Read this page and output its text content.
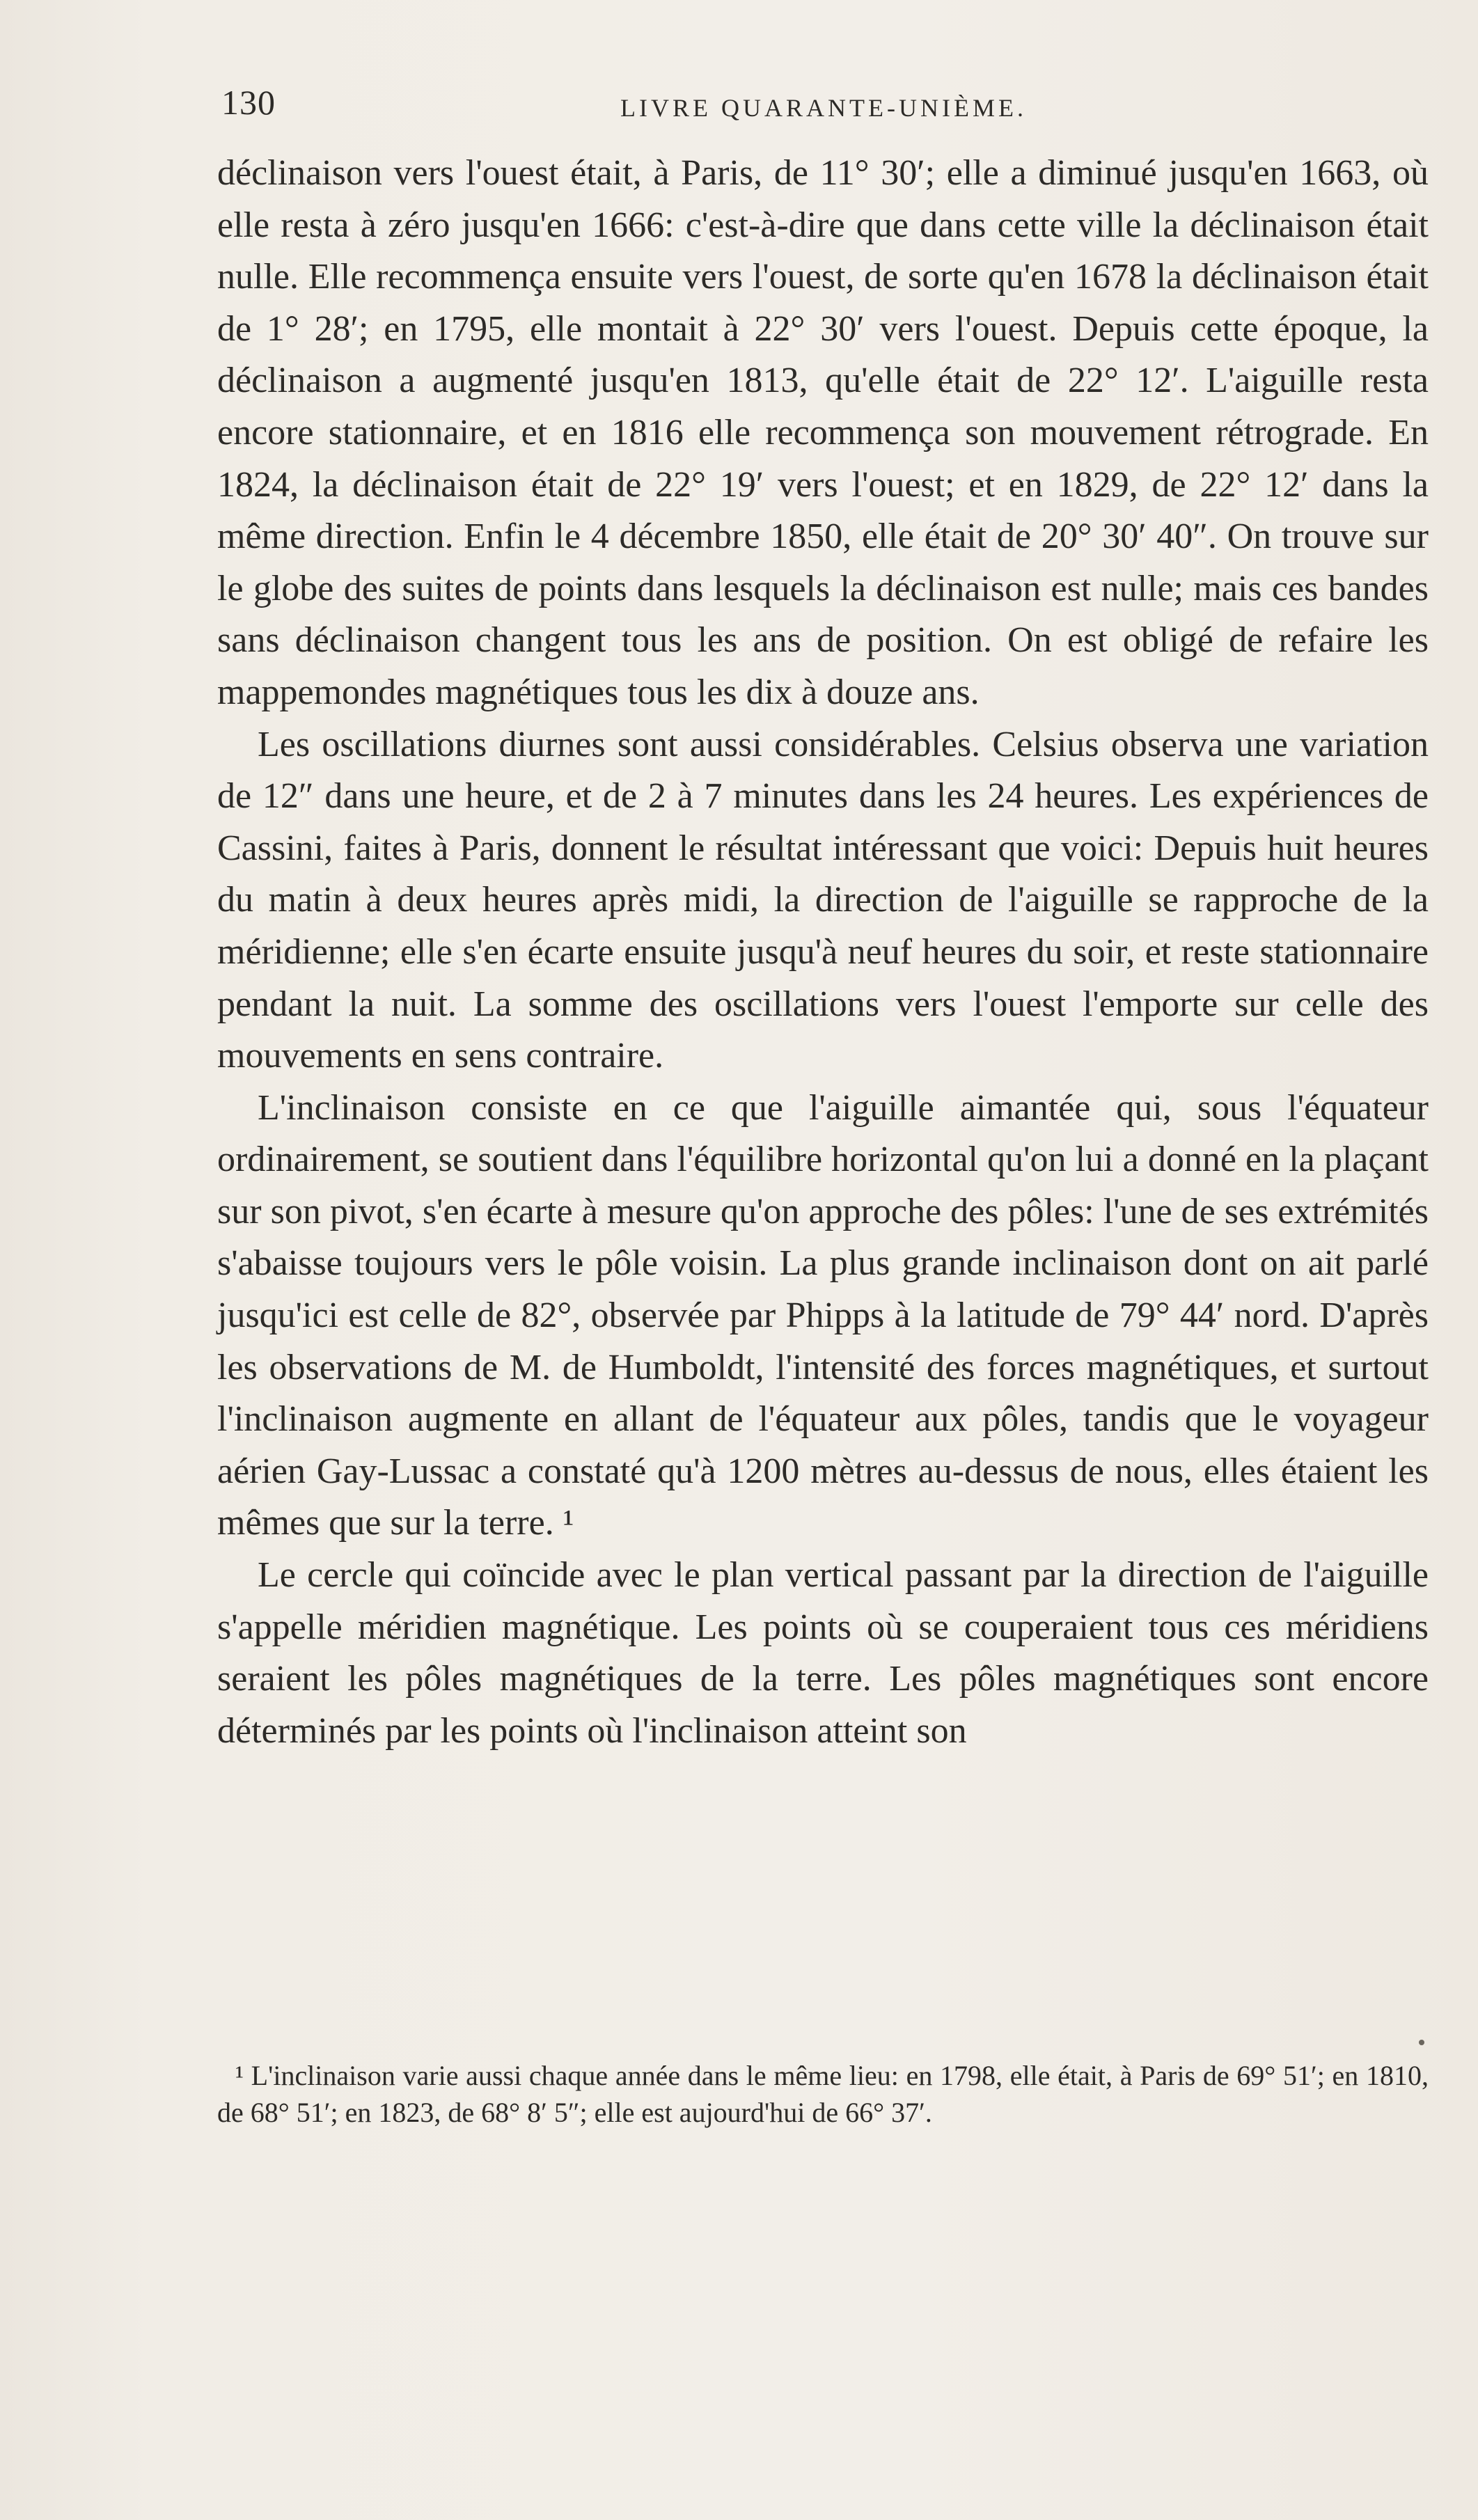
130	LIVRE QUARANTE-UNIÈME.

déclinaison vers l'ouest était, à Paris, de 11° 30′; elle a diminué jusqu'en 1663, où elle resta à zéro jusqu'en 1666: c'est-à-dire que dans cette ville la déclinaison était nulle. Elle recommença ensuite vers l'ouest, de sorte qu'en 1678 la déclinaison était de 1° 28′; en 1795, elle montait à 22° 30′ vers l'ouest. Depuis cette époque, la déclinaison a augmenté jusqu'en 1813, qu'elle était de 22° 12′. L'aiguille resta encore stationnaire, et en 1816 elle recommença son mouvement rétrograde. En 1824, la déclinaison était de 22° 19′ vers l'ouest; et en 1829, de 22° 12′ dans la même direction. Enfin le 4 décembre 1850, elle était de 20° 30′ 40″. On trouve sur le globe des suites de points dans lesquels la déclinaison est nulle; mais ces bandes sans déclinaison changent tous les ans de position. On est obligé de refaire les mappemondes magnétiques tous les dix à douze ans.

Les oscillations diurnes sont aussi considérables. Celsius observa une variation de 12″ dans une heure, et de 2 à 7 minutes dans les 24 heures. Les expériences de Cassini, faites à Paris, donnent le résultat intéressant que voici: Depuis huit heures du matin à deux heures après midi, la direction de l'aiguille se rapproche de la méridienne; elle s'en écarte ensuite jusqu'à neuf heures du soir, et reste stationnaire pendant la nuit. La somme des oscillations vers l'ouest l'emporte sur celle des mouvements en sens contraire.

L'inclinaison consiste en ce que l'aiguille aimantée qui, sous l'équateur ordinairement, se soutient dans l'équilibre horizontal qu'on lui a donné en la plaçant sur son pivot, s'en écarte à mesure qu'on approche des pôles: l'une de ses extrémités s'abaisse toujours vers le pôle voisin. La plus grande inclinaison dont on ait parlé jusqu'ici est celle de 82°, observée par Phipps à la latitude de 79° 44′ nord. D'après les observations de M. de Humboldt, l'intensité des forces magnétiques, et surtout l'inclinaison augmente en allant de l'équateur aux pôles, tandis que le voyageur aérien Gay-Lussac a constaté qu'à 1200 mètres au-dessus de nous, elles étaient les mêmes que sur la terre. ¹

Le cercle qui coïncide avec le plan vertical passant par la direction de l'aiguille s'appelle méridien magnétique. Les points où se couperaient tous ces méridiens seraient les pôles magnétiques de la terre. Les pôles magnétiques sont encore déterminés par les points où l'inclinaison atteint son

¹ L'inclinaison varie aussi chaque année dans le même lieu: en 1798, elle était, à Paris de 69° 51′; en 1810, de 68° 51′; en 1823, de 68° 8′ 5″; elle est aujourd'hui de 66° 37′.
